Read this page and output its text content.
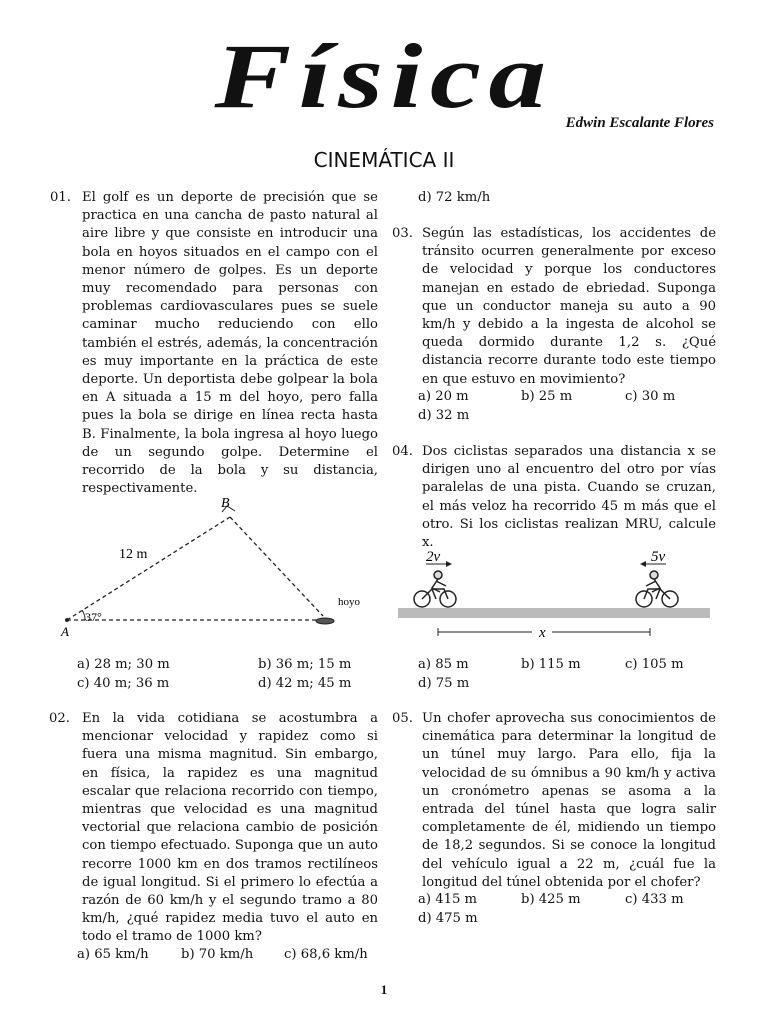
Física Edwin Escalante Flores
CINEMÁTICA II
01. El golf es un deporte de precisión que se practica en una cancha de pasto natural al aire libre y que consiste en introducir una bola en hoyos situados en el campo con el menor número de golpes. Es un deporte muy recomendado para personas con problemas cardiovasculares pues se suele caminar mucho reduciendo con ello también el estrés, además, la concentración es muy importante en la práctica de este deporte. Un deportista debe golpear la bola en A situada a 15 m del hoyo, pero falla pues la bola se dirige en línea recta hasta B. Finalmente, la bola ingresa al hoyo luego de un segundo golpe. Determine el recorrido de la bola y su distancia, respectivamente.
A
B
12 m
37°
hoyo
a) 28 m; 30 m	b) 36 m; 15 m
c) 40 m; 36 m	d) 42 m; 45 m
02. En la vida cotidiana se acostumbra a mencionar velocidad y rapidez como si fuera una misma magnitud. Sin embargo, en física, la rapidez es una magnitud escalar que relaciona recorrido con tiempo, mientras que velocidad es una magnitud vectorial que relaciona cambio de posición con tiempo efectuado. Suponga que un auto recorre 1000 km en dos tramos rectilíneos de igual longitud. Si el primero lo efectúa a razón de 60 km/h y el segundo tramo a 80 km/h, ¿qué rapidez media tuvo el auto en todo el tramo de 1000 km?
a) 65 km/h b) 70 km/h c) 68,6 km/h
d) 72 km/h
03. Según las estadísticas, los accidentes de tránsito ocurren generalmente por exceso de velocidad y porque los conductores manejan en estado de ebriedad. Suponga que un conductor maneja su auto a 90 km/h y debido a la ingesta de alcohol se queda dormido durante 1,2 s. ¿Qué distancia recorre durante todo este tiempo en que estuvo en movimiento?
a) 20 m	b) 25 m	c) 30 m
d) 32 m
04. Dos ciclistas separados una distancia x se dirigen uno al encuentro del otro por vías paralelas de una pista. Cuando se cruzan, el más veloz ha recorrido 45 m más que el otro. Si los ciclistas realizan MRU, calcule x.
2v	5v
x
a) 85 m	b) 115 m	c) 105 m
d) 75 m
05. Un chofer aprovecha sus conocimientos de cinemática para determinar la longitud de un túnel muy largo. Para ello, fija la velocidad de su ómnibus a 90 km/h y activa un cronómetro apenas se asoma a la entrada del túnel hasta que logra salir completamente de él, midiendo un tiempo de 18,2 segundos. Si se conoce la longitud del vehículo igual a 22 m, ¿cuál fue la longitud del túnel obtenida por el chofer?
a) 415 m	b) 425 m	c) 433 m
d) 475 m
1
